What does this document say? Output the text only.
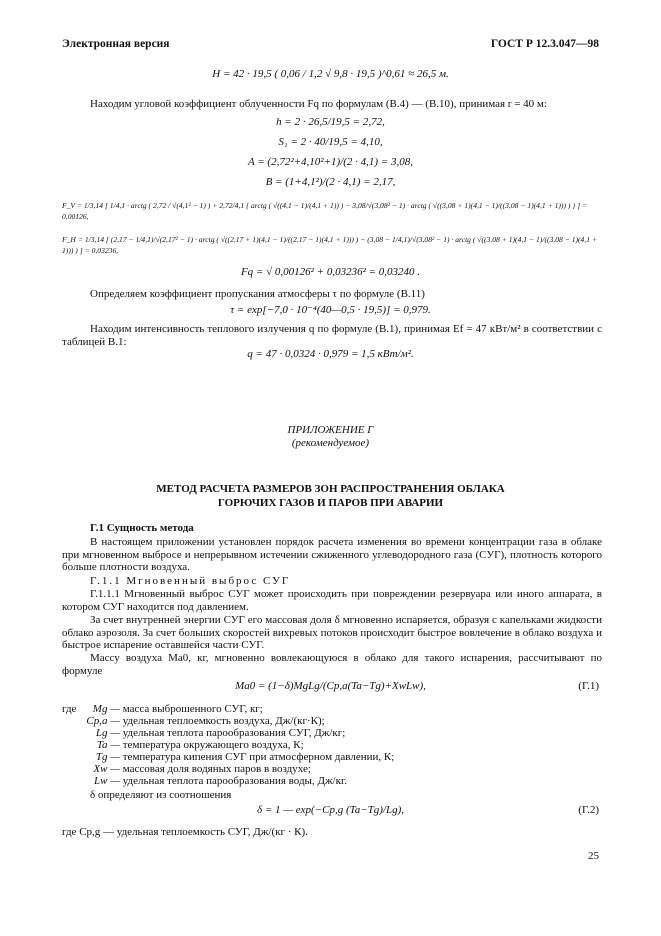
Электронная версия	ГОСТ Р 12.3.047—98
H = 42 · 19,5 ( 0,06 / 1,2 √ 9,8 · 19,5 )^0,61 ≈ 26,5 м.
Находим угловой коэффициент облученности Fq по формулам (В.4) — (В.10), принимая r = 40 м:
h = 2 · 26,5/19,5 = 2,72,
S₁ = 2 · 40/19,5 = 4,10,
A = (2,72²+4,10²+1)/(2 · 4,1) = 3,08,
B = (1+4,1²)/(2 · 4,1) = 2,17,
F_V = 1/3,14 [ 1/4,1 · arctg ( 2,72 / √(4,1² − 1) ) + 2,72/4,1 { arctg ( √((4,1 − 1)/(4,1 + 1)) ) − 3,08/√(3,08² − 1) · arctg ( √((3,08 + 1)(4,1 − 1)/((3,08 − 1)(4,1 + 1))) ) } ] = 0,00126,
F_H = 1/3,14 [ (2,17 − 1/4,1)/√(2,17² − 1) · arctg ( √((2,17 + 1)(4,1 − 1)/((2,17 − 1)(4,1 + 1))) ) − (3,08 − 1/4,1)/√(3,08² − 1) · arctg ( √((3,08 + 1)(4,1 − 1)/((3,08 − 1)(4,1 + 1))) ) ] = 0,03236,
Fq = √ 0,00126² + 0,03236² = 0,03240 .
Определяем коэффициент пропускания атмосферы τ по формуле (В.11)
τ = exp[−7,0 · 10⁻⁴(40—0,5 · 19,5)] = 0,979.
Находим интенсивность теплового излучения q по формуле (В.1), принимая Ef = 47 кВт/м² в соответствии с таблицей В.1:
q = 47 · 0,0324 · 0,979 = 1,5 кВт/м².
ПРИЛОЖЕНИЕ Г
(рекомендуемое)
МЕТОД РАСЧЕТА РАЗМЕРОВ ЗОН РАСПРОСТРАНЕНИЯ ОБЛАКА
ГОРЮЧИХ ГАЗОВ И ПАРОВ ПРИ АВАРИИ
Г.1 Сущность метода
В настоящем приложении установлен порядок расчета изменения во времени концентрации газа в облаке при мгновенном выбросе и непрерывном истечении сжиженного углеводородного газа (СУГ), плотность которого больше плотности воздуха.
Г.1.1 Мгновенный выброс СУГ
Г.1.1.1 Мгновенный выброс СУГ может происходить при повреждении резервуара или иного аппарата, в котором СУГ находится под давлением.
За счет внутренней энергии СУГ его массовая доля δ мгновенно испаряется, образуя с капельками жидкости облако аэрозоля. За счет больших скоростей вихревых потоков происходит быстрое вовлечение в облако воздуха и быстрое испарение оставшейся части СУГ.
Массу воздуха Ma0, кг, мгновенно вовлекающуюся в облако для такого испарения, рассчитывают по формуле
Ma0 = (1−δ)MgLg/(Cp,a(Ta−Tg)+XwLw),	(Г.1)
где	Mg — масса выброшенного СУГ, кг;
Cp,a — удельная теплоемкость воздуха, Дж/(кг·К);
Lg — удельная теплота парообразования СУГ, Дж/кг;
Ta — температура окружающего воздуха, К;
Tg — температура кипения СУГ при атмосферном давлении, К;
Xw — массовая доля водяных паров в воздухе;
Lw — удельная теплота парообразования воды, Дж/кг.
δ определяют из соотношения
δ = 1 — exp(−Cp,g (Ta−Tg)/Lg),	(Г.2)
где Cp,g — удельная теплоемкость СУГ, Дж/(кг · К).
25
